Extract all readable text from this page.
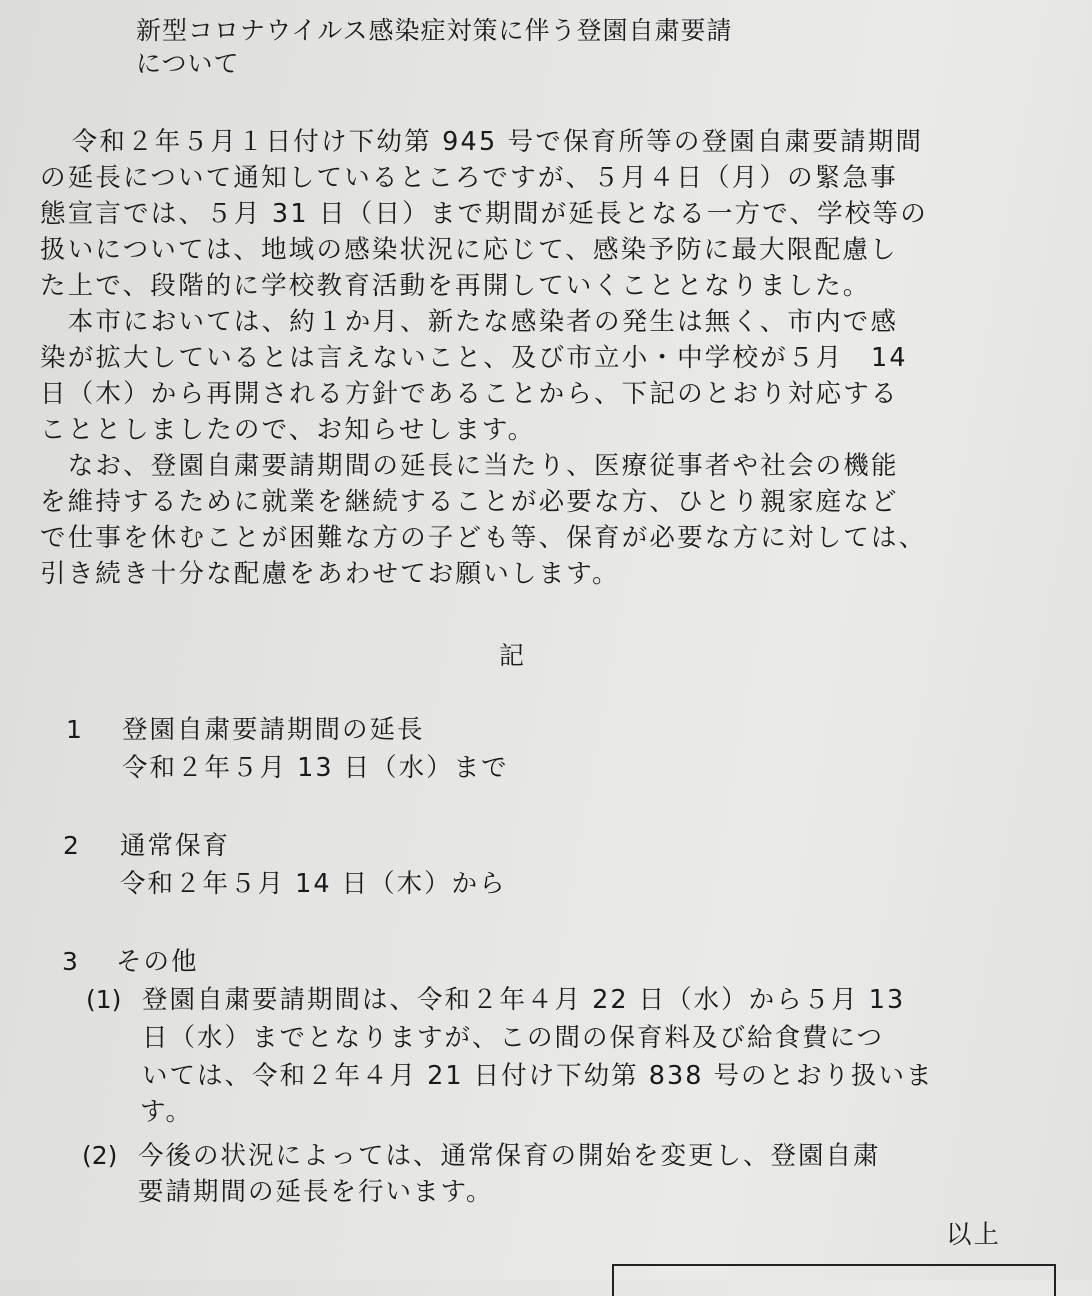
新型コロナウイルス感染症対策に伴う登園自粛要請
について
　令和２年５月１日付け下幼第 945 号で保育所等の登園自粛要請期間
の延長について通知しているところですが、５月４日（月）の緊急事
態宣言では、５月 31 日（日）まで期間が延長となる一方で、学校等の
扱いについては、地域の感染状況に応じて、感染予防に最大限配慮し
た上で、段階的に学校教育活動を再開していくこととなりました。
　本市においては、約１か月、新たな感染者の発生は無く、市内で感
染が拡大しているとは言えないこと、及び市立小・中学校が５月　14
日（木）から再開される方針であることから、下記のとおり対応する
こととしましたので、お知らせします。
　なお、登園自粛要請期間の延長に当たり、医療従事者や社会の機能
を維持するために就業を継続することが必要な方、ひとり親家庭など
で仕事を休むことが困難な方の子ども等、保育が必要な方に対しては、
引き続き十分な配慮をあわせてお願いします。
記
1 登園自粛要請期間の延長
令和２年５月 13 日（水）まで
2 通常保育
令和２年５月 14 日（木）から
3 その他
(1) 登園自粛要請期間は、令和２年４月 22 日（水）から５月 13
日（水）までとなりますが、この間の保育料及び給食費につ
いては、令和２年４月 21 日付け下幼第 838 号のとおり扱いま
す。
(2) 今後の状況によっては、通常保育の開始を変更し、登園自粛
要請期間の延長を行います。
以上
